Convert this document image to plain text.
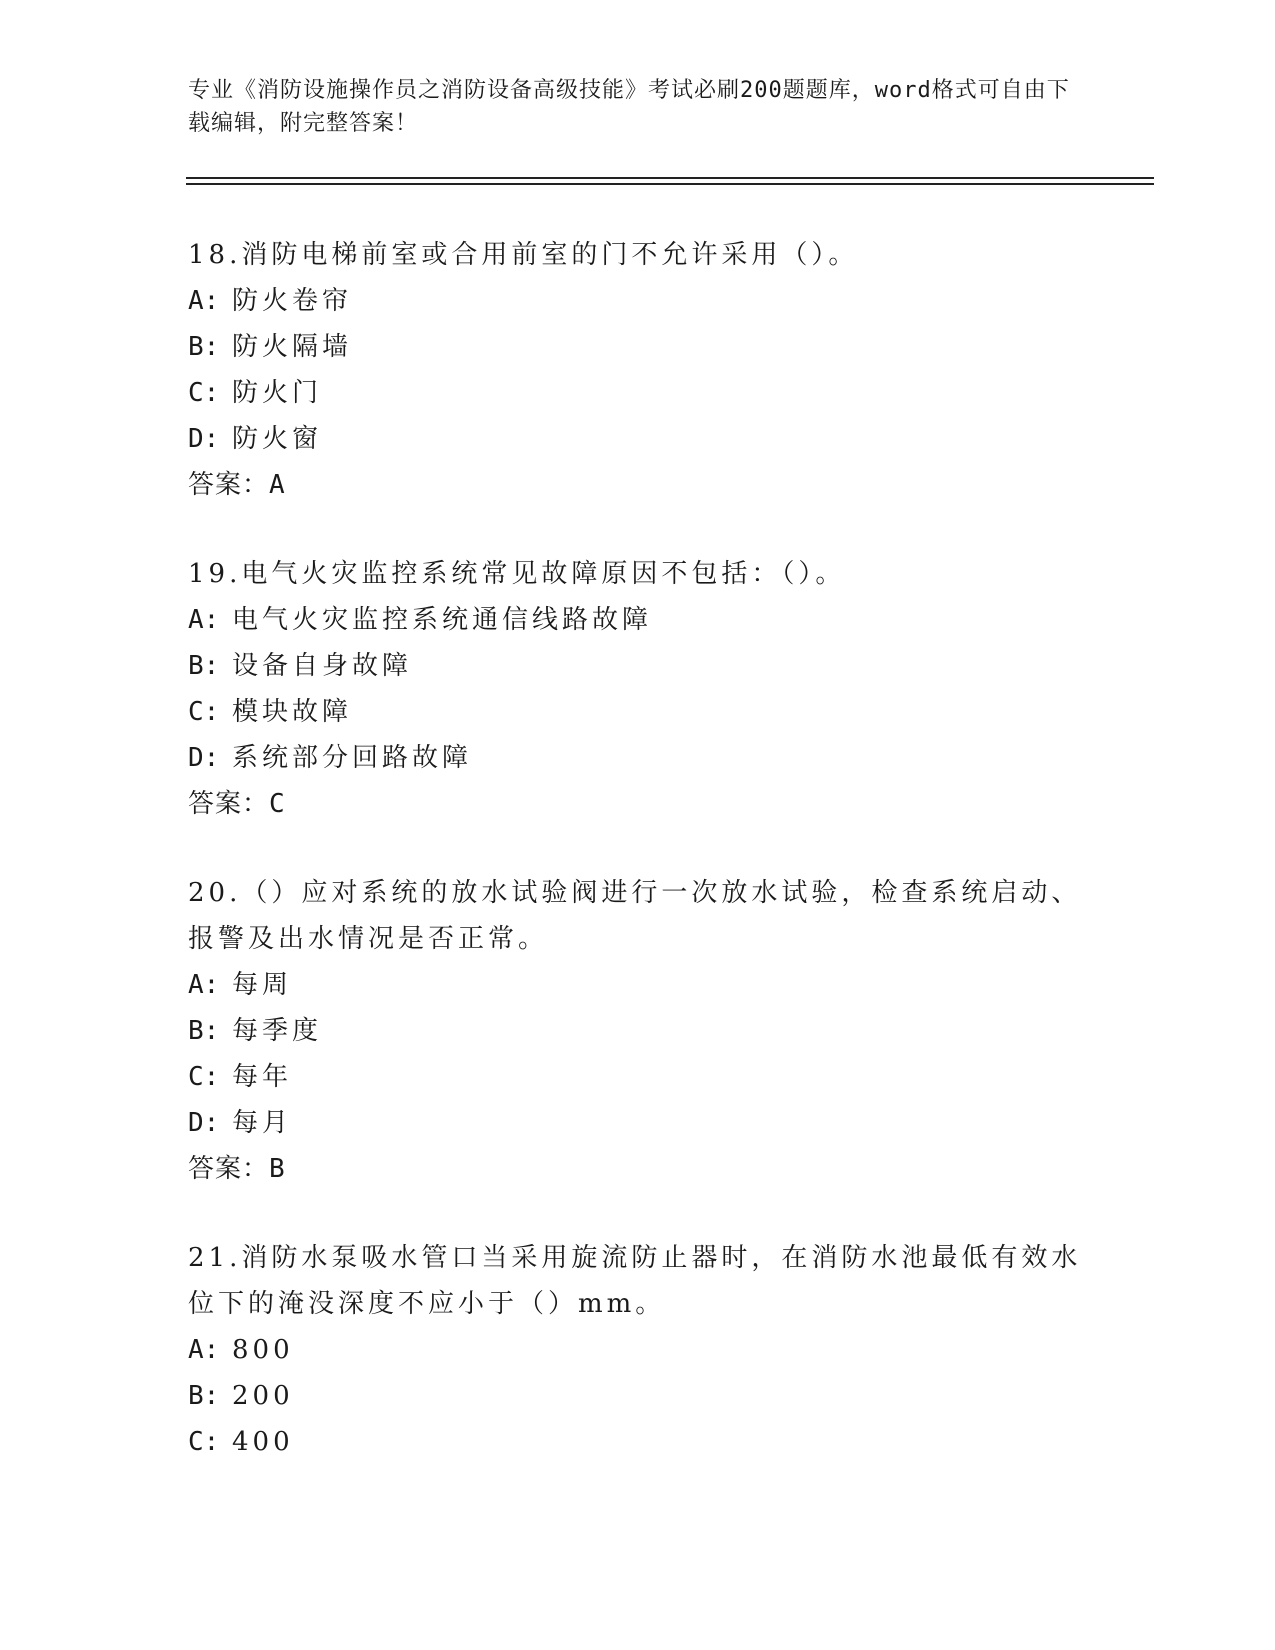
专业《消防设施操作员之消防设备高级技能》考试必刷200题题库，word格式可自由下载编辑，附完整答案！
18.消防电梯前室或合用前室的门不允许采用（）。
A: 防火卷帘
B: 防火隔墙
C: 防火门
D: 防火窗
答案：A
19.电气火灾监控系统常见故障原因不包括：（）。
A: 电气火灾监控系统通信线路故障
B: 设备自身故障
C: 模块故障
D: 系统部分回路故障
答案：C
20.（）应对系统的放水试验阀进行一次放水试验，检查系统启动、报警及出水情况是否正常。
A: 每周
B: 每季度
C: 每年
D: 每月
答案：B
21.消防水泵吸水管口当采用旋流防止器时，在消防水池最低有效水位下的淹没深度不应小于（）mm。
A: 800
B: 200
C: 400
